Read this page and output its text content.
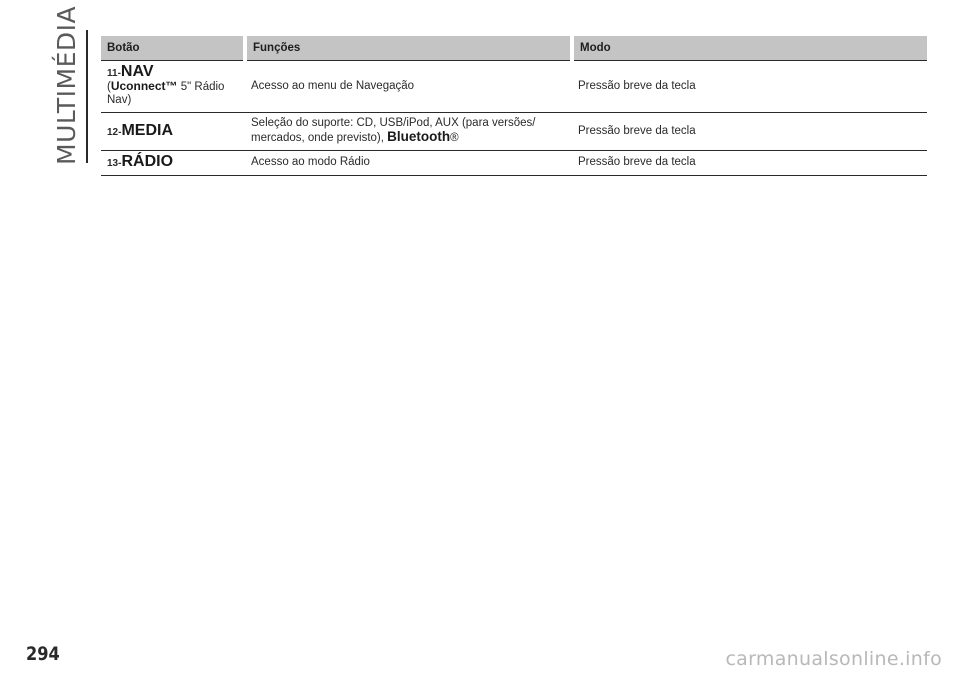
MULTIMÉDIA Botão	Funções	Modo

11-NAV
(Uconnect™ 5" Rádio Nav)	Acesso ao menu de Navegação	Pressão breve da tecla
12-MEDIA	Seleção do suporte: CD, USB/iPod, AUX (para versões/ mercados, onde previsto), Bluetooth®	Pressão breve da tecla
13-RÁDIO	Acesso ao modo Rádio	Pressão breve da tecla
294	carmanualsonline.info
